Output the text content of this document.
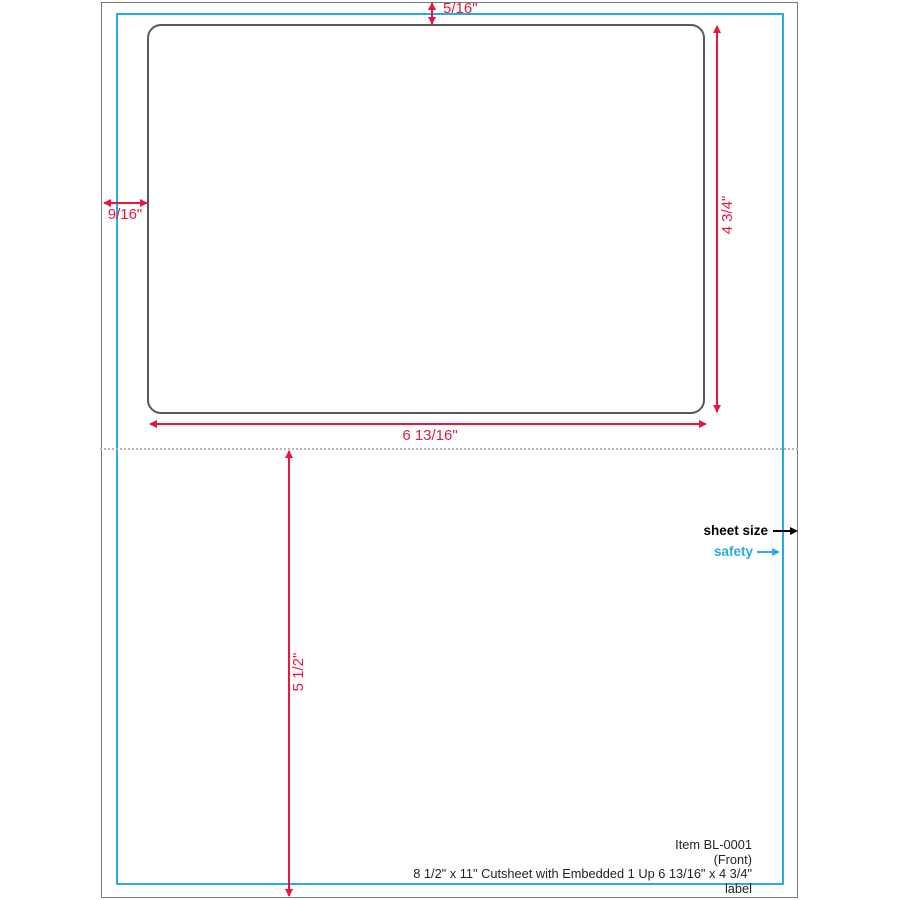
5/16"
9/16"	4 3/4"
6 13/16"
5 1/2"
sheet size
safety
Item BL-0001
(Front)
8 1/2" x 11" Cutsheet with Embedded 1 Up 6 13/16" x 4 3/4" label
